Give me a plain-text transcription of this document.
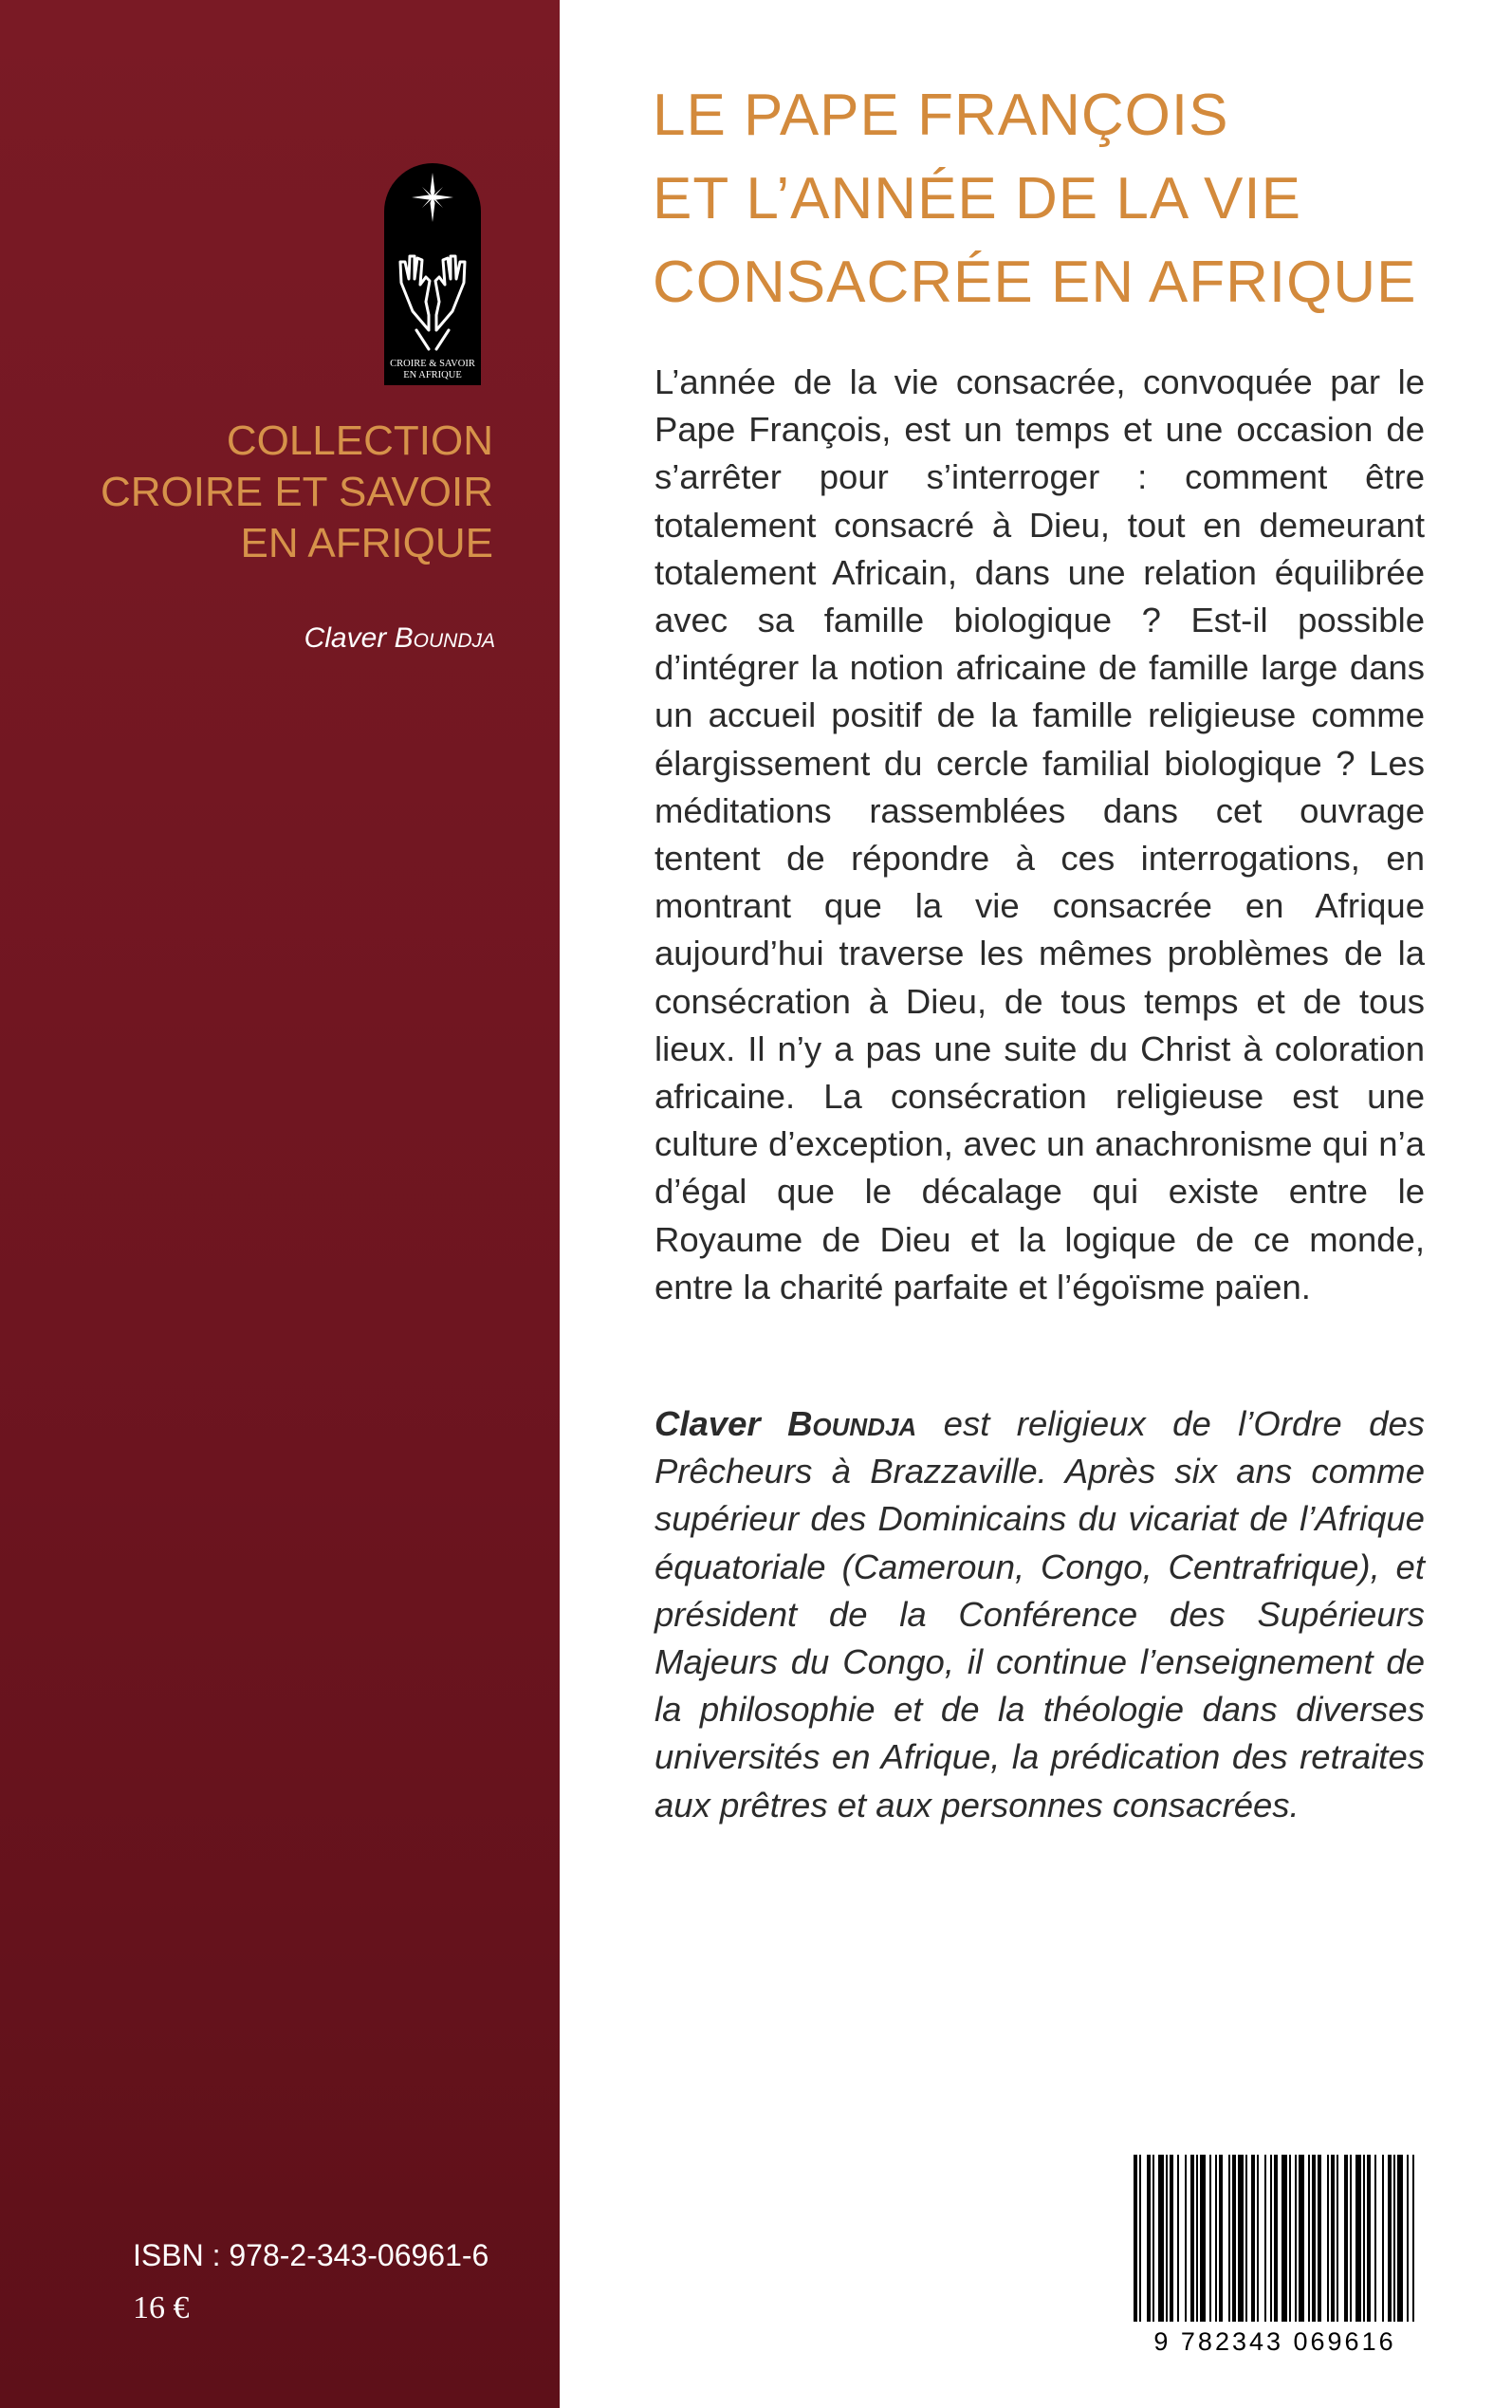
CROIRE & SAVOIR
EN AFRIQUE
COLLECTION
CROIRE ET SAVOIR
EN AFRIQUE
Claver Boundja
ISBN : 978-2-343-06961-6
16 €
LE PAPE FRANÇOIS
ET L’ANNÉE DE LA VIE
CONSACRÉE EN AFRIQUE
L’année de la vie consacrée, convoquée par le Pape François, est un temps et une occasion de s’arrêter pour s’interroger : comment être totalement consacré à Dieu, tout en demeurant totalement Africain, dans une relation équilibrée avec sa famille biologique ? Est-il possible d’intégrer la notion africaine de famille large dans un accueil positif de la famille religieuse comme élargissement du cercle familial biologique ? Les méditations rassemblées dans cet ouvrage tentent de répondre à ces interrogations, en montrant que la vie consacrée en Afrique aujourd’hui traverse les mêmes problèmes de la consécration à Dieu, de tous temps et de tous lieux. Il n’y a pas une suite du Christ à coloration africaine. La consécration religieuse est une culture d’exception, avec un anachronisme qui n’a d’égal que le décalage qui existe entre le Royaume de Dieu et la logique de ce monde, entre la charité parfaite et l’égoïsme païen.
Claver Boundja est religieux de l’Ordre des Prêcheurs à Brazzaville. Après six ans comme supérieur des Dominicains du vicariat de l’Afrique équatoriale (Cameroun, Congo, Centrafrique), et président de la Conférence des Supérieurs Majeurs du Congo, il continue l’enseignement de la philosophie et de la théologie dans diverses universités en Afrique, la prédication des retraites aux prêtres et aux personnes consacrées.
9 782343 069616
